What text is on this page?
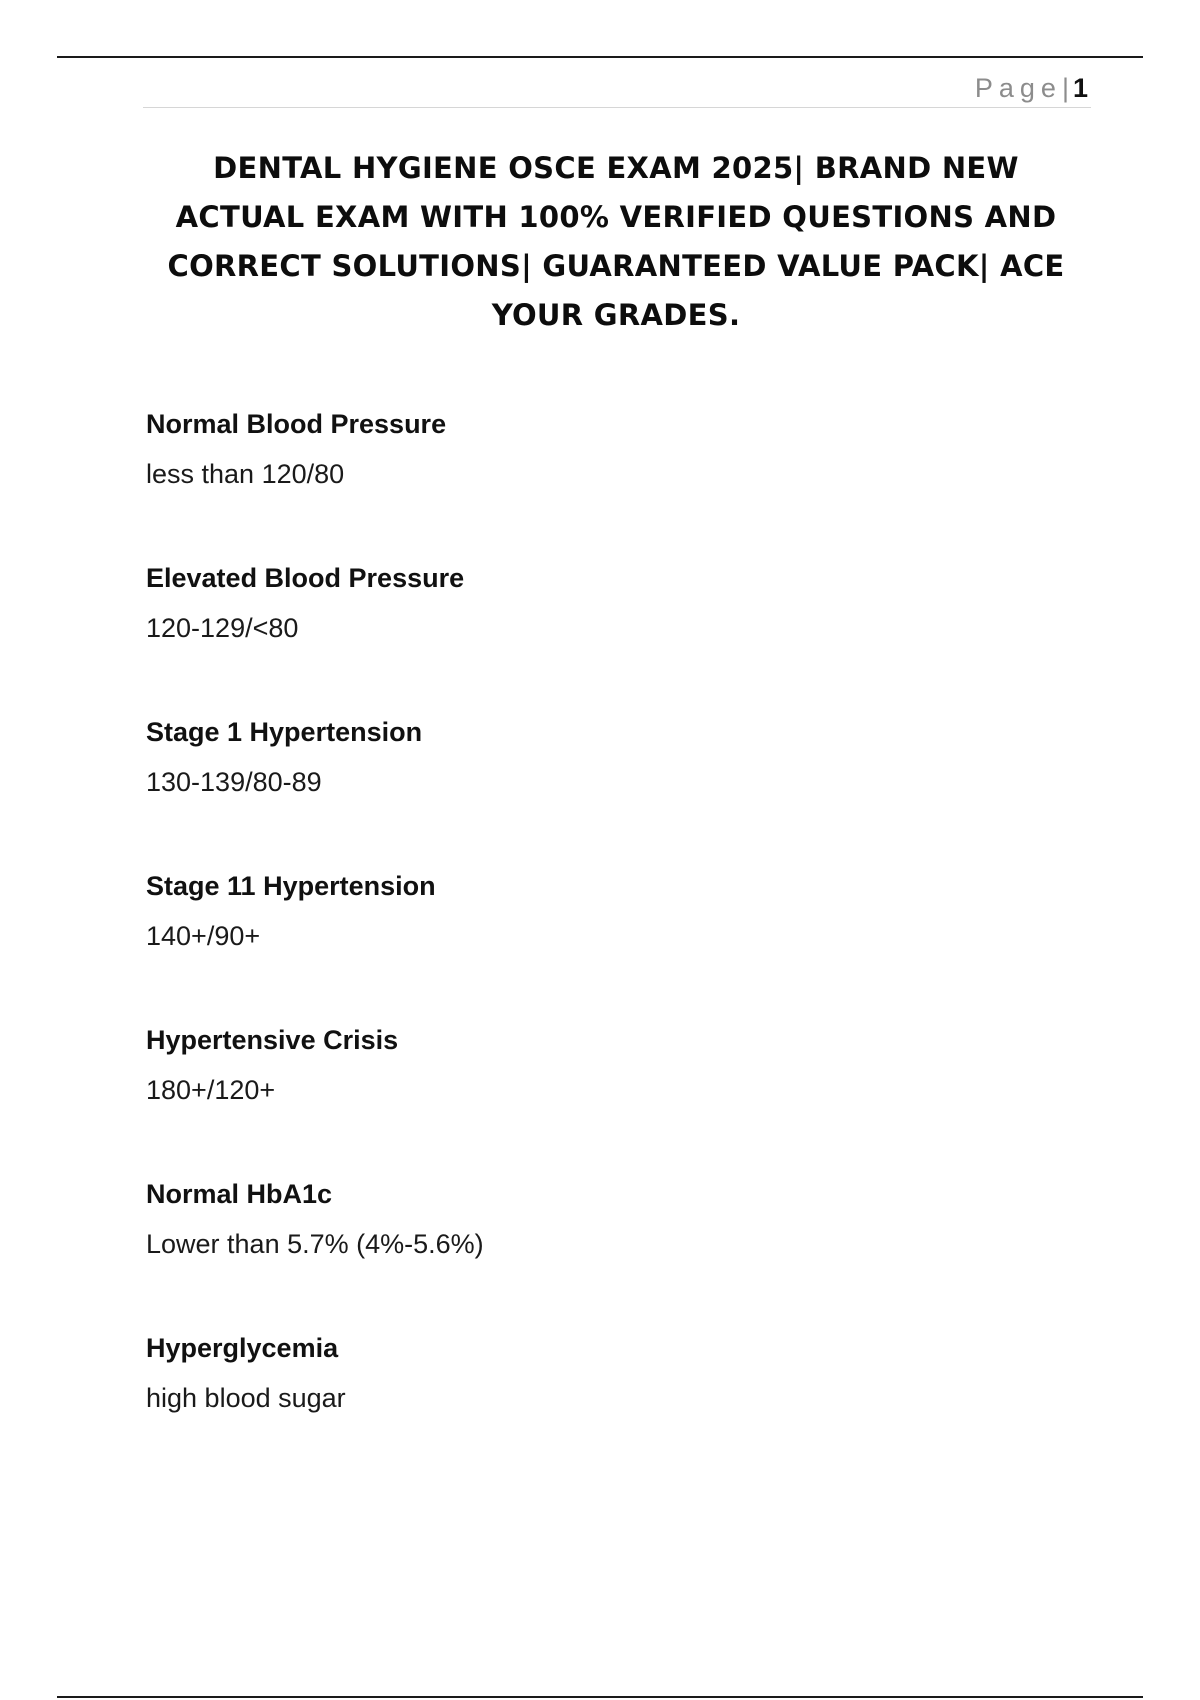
Page| 1
DENTAL HYGIENE OSCE EXAM 2025| BRAND NEW ACTUAL EXAM WITH 100% VERIFIED QUESTIONS AND CORRECT SOLUTIONS| GUARANTEED VALUE PACK| ACE YOUR GRADES.

Normal Blood Pressure

less than 120/80

Elevated Blood Pressure

120-129/<80

Stage 1 Hypertension

130-139/80-89

Stage 11 Hypertension

140+/90+

Hypertensive Crisis

180+/120+

Normal HbA1c

Lower than 5.7% (4%-5.6%)

Hyperglycemia

high blood sugar
